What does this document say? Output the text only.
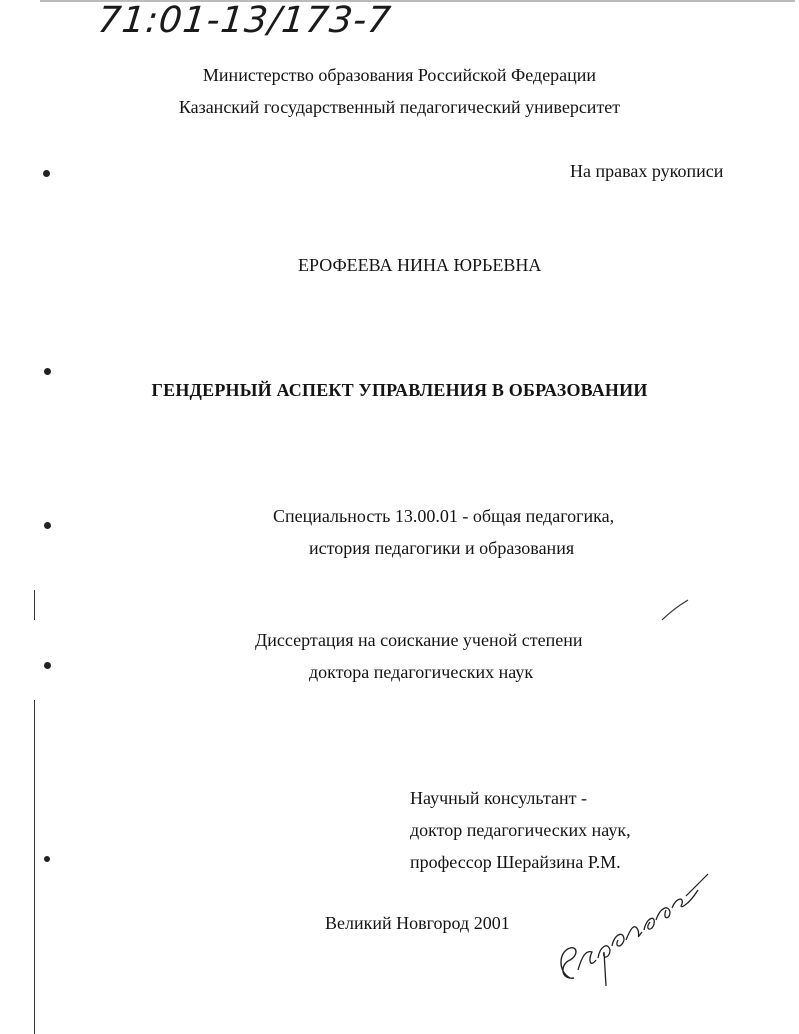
71:01-13/173-7
Министерство образования Российской Федерации
Казанский государственный педагогический университет
На правах рукописи
ЕРОФЕЕВА НИНА ЮРЬЕВНА
ГЕНДЕРНЫЙ АСПЕКТ УПРАВЛЕНИЯ В ОБРАЗОВАНИИ
Специальность 13.00.01 - общая педагогика,
история педагогики и образования
Диссертация на соискание ученой степени
доктора педагогических наук
Научный консультант -
доктор педагогических наук,
профессор Шерайзина Р.М.
Великий Новгород 2001
